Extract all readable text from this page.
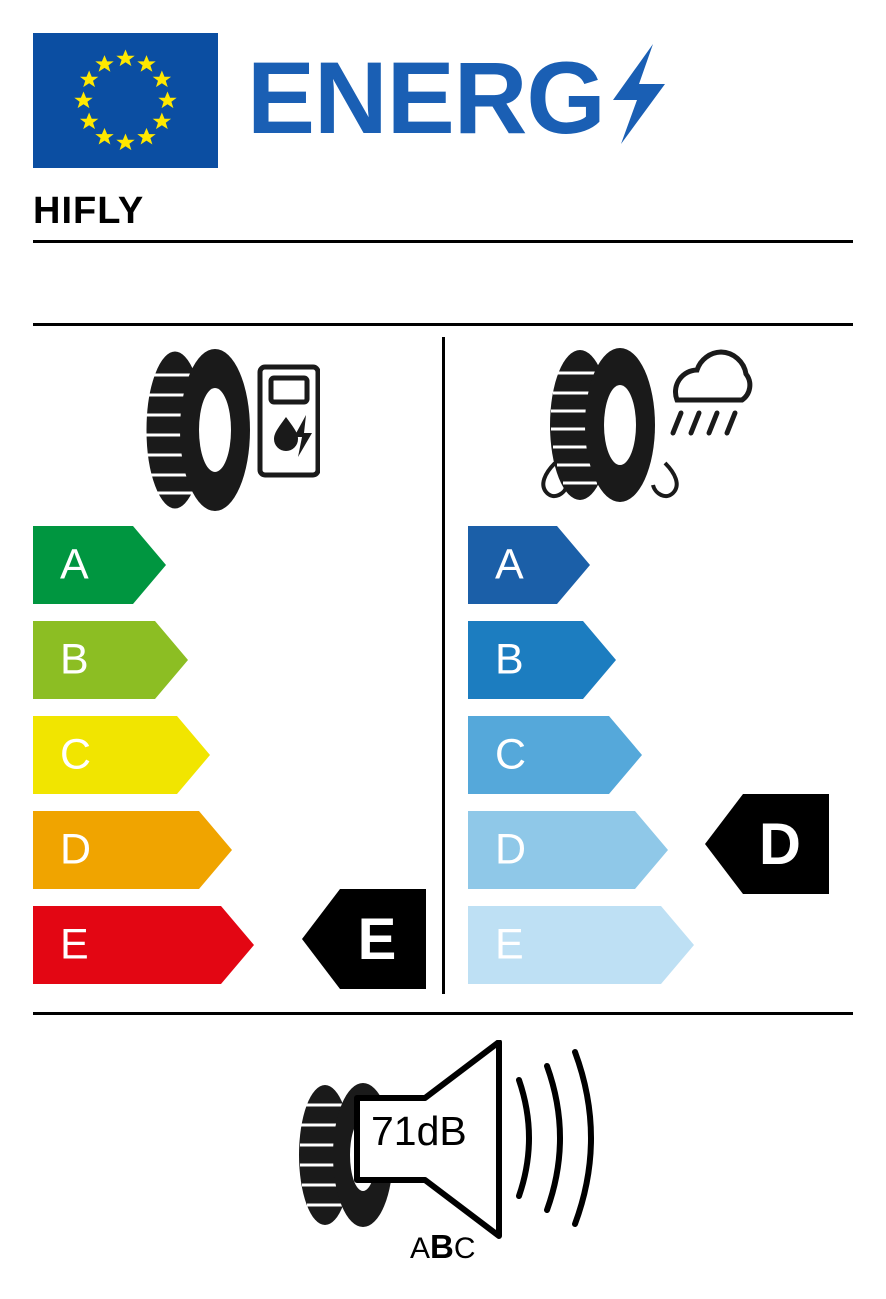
ENERG
HIFLY
A
B
C
D
E
A
B
C
D
E
E
D
71dB
ABC
